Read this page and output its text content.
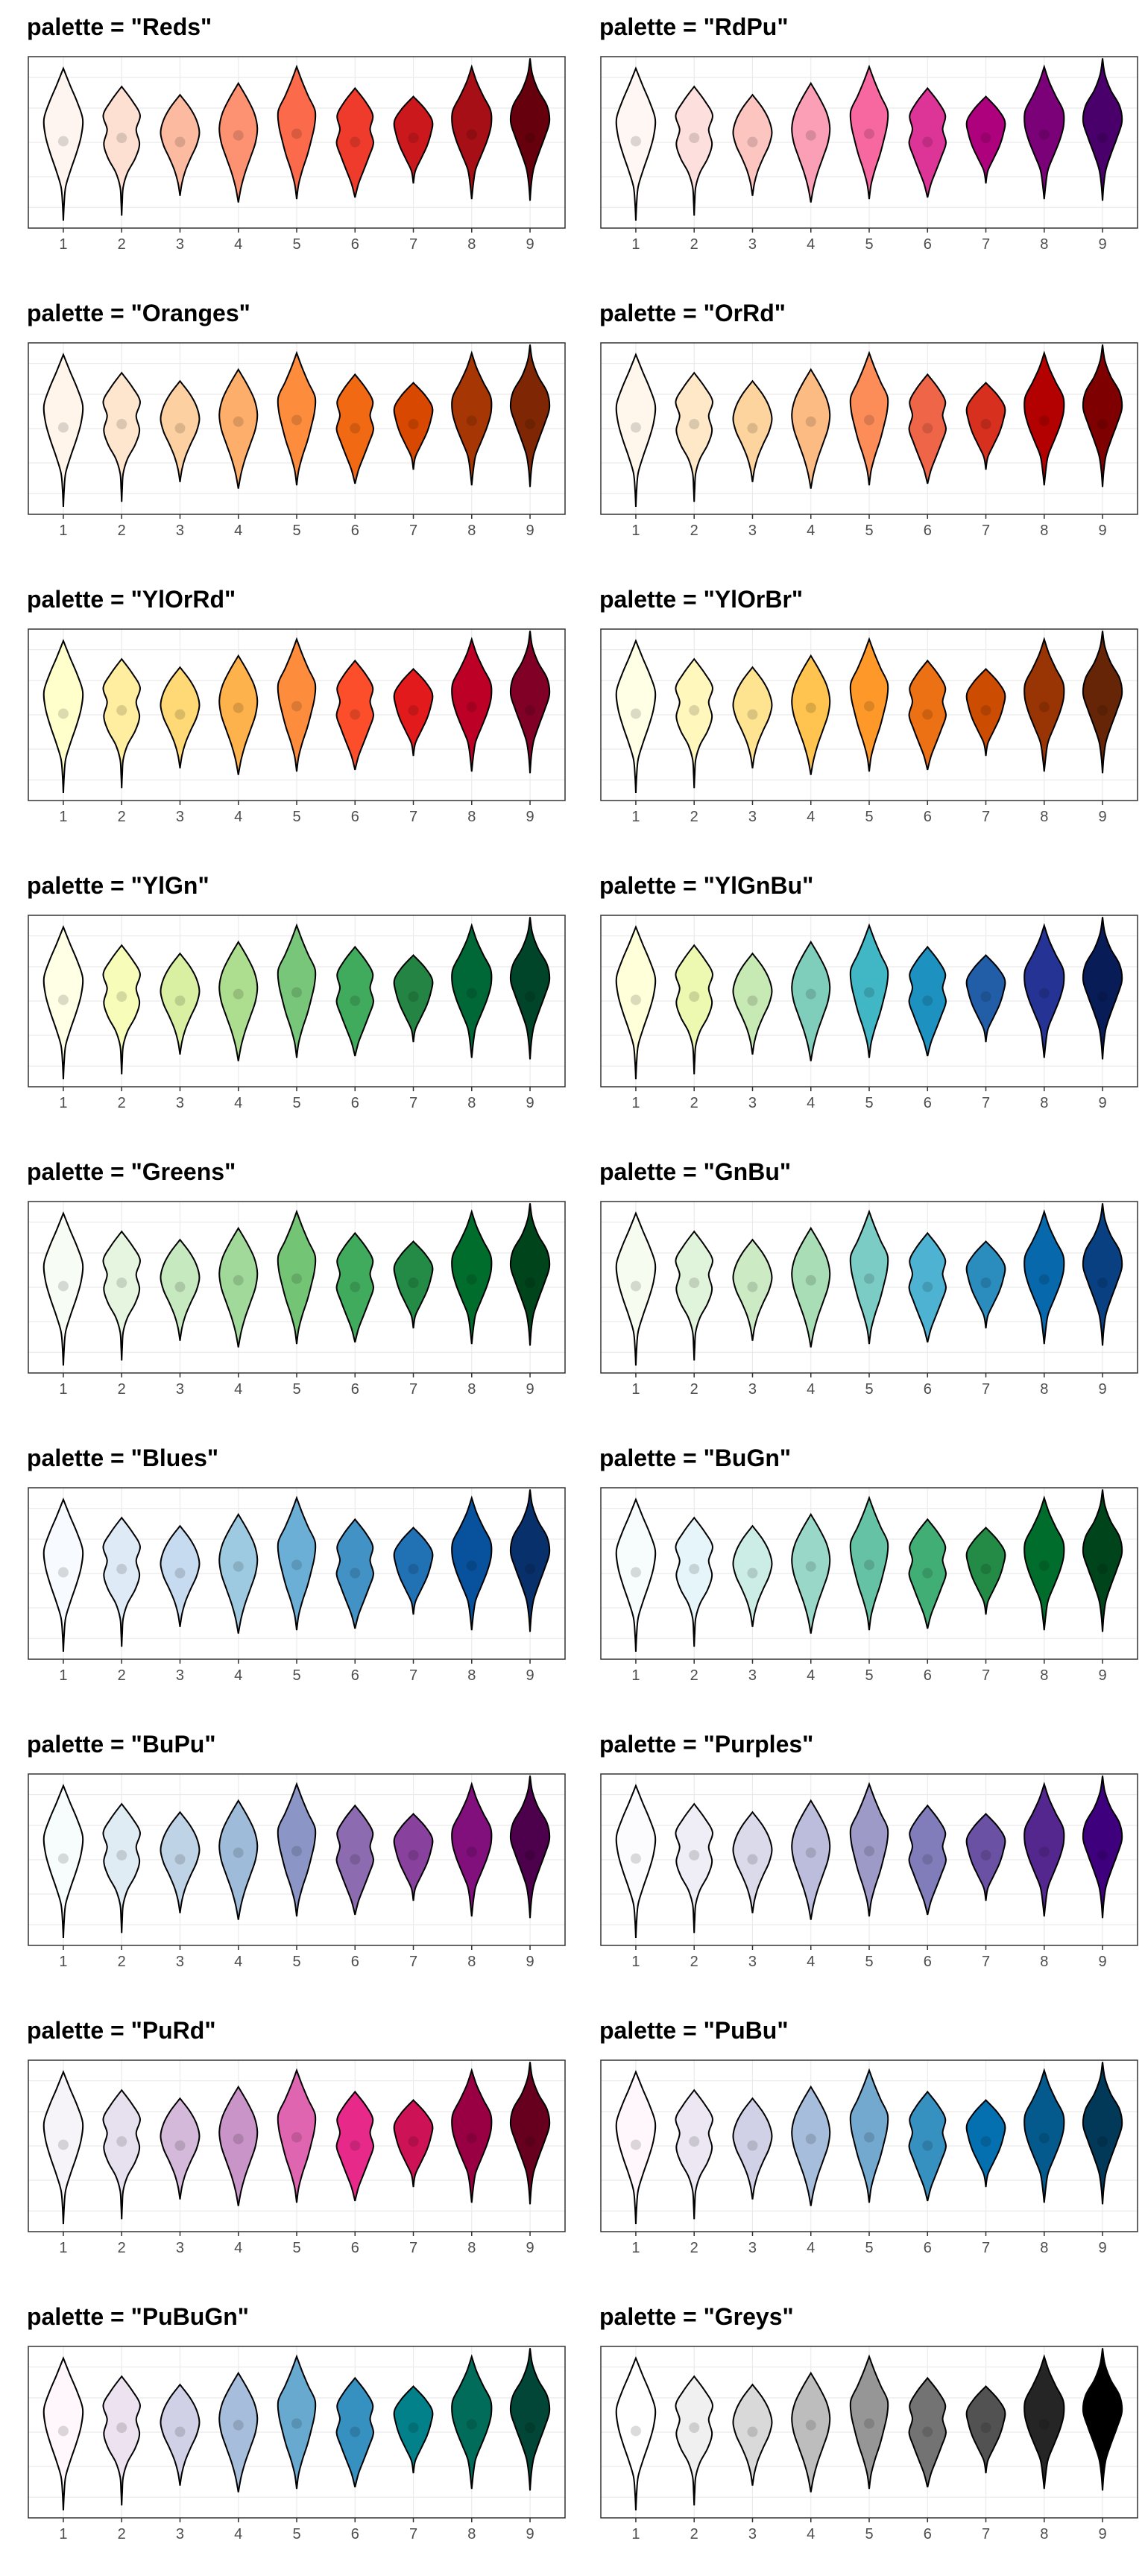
palette = "Reds"
1	2	3	4	5	6	7	8	9
palette = "RdPu"
1	2	3	4	5	6	7	8	9
palette = "Oranges"
1	2	3	4	5	6	7	8	9
palette = "OrRd"
1	2	3	4	5	6	7	8	9
palette = "YlOrRd"
1	2	3	4	5	6	7	8	9
palette = "YlOrBr"
1	2	3	4	5	6	7	8	9
palette = "YlGn"
1	2	3	4	5	6	7	8	9
palette = "YlGnBu"
1	2	3	4	5	6	7	8	9
palette = "Greens"
1	2	3	4	5	6	7	8	9
palette = "GnBu"
1	2	3	4	5	6	7	8	9
palette = "Blues"
1	2	3	4	5	6	7	8	9
palette = "BuGn"
1	2	3	4	5	6	7	8	9
palette = "BuPu"
1	2	3	4	5	6	7	8	9
palette = "Purples"
1	2	3	4	5	6	7	8	9
palette = "PuRd"
1	2	3	4	5	6	7	8	9
palette = "PuBu"
1	2	3	4	5	6	7	8	9
palette = "PuBuGn"
1	2	3	4	5	6	7	8	9
palette = "Greys"
1	2	3	4	5	6	7	8	9
